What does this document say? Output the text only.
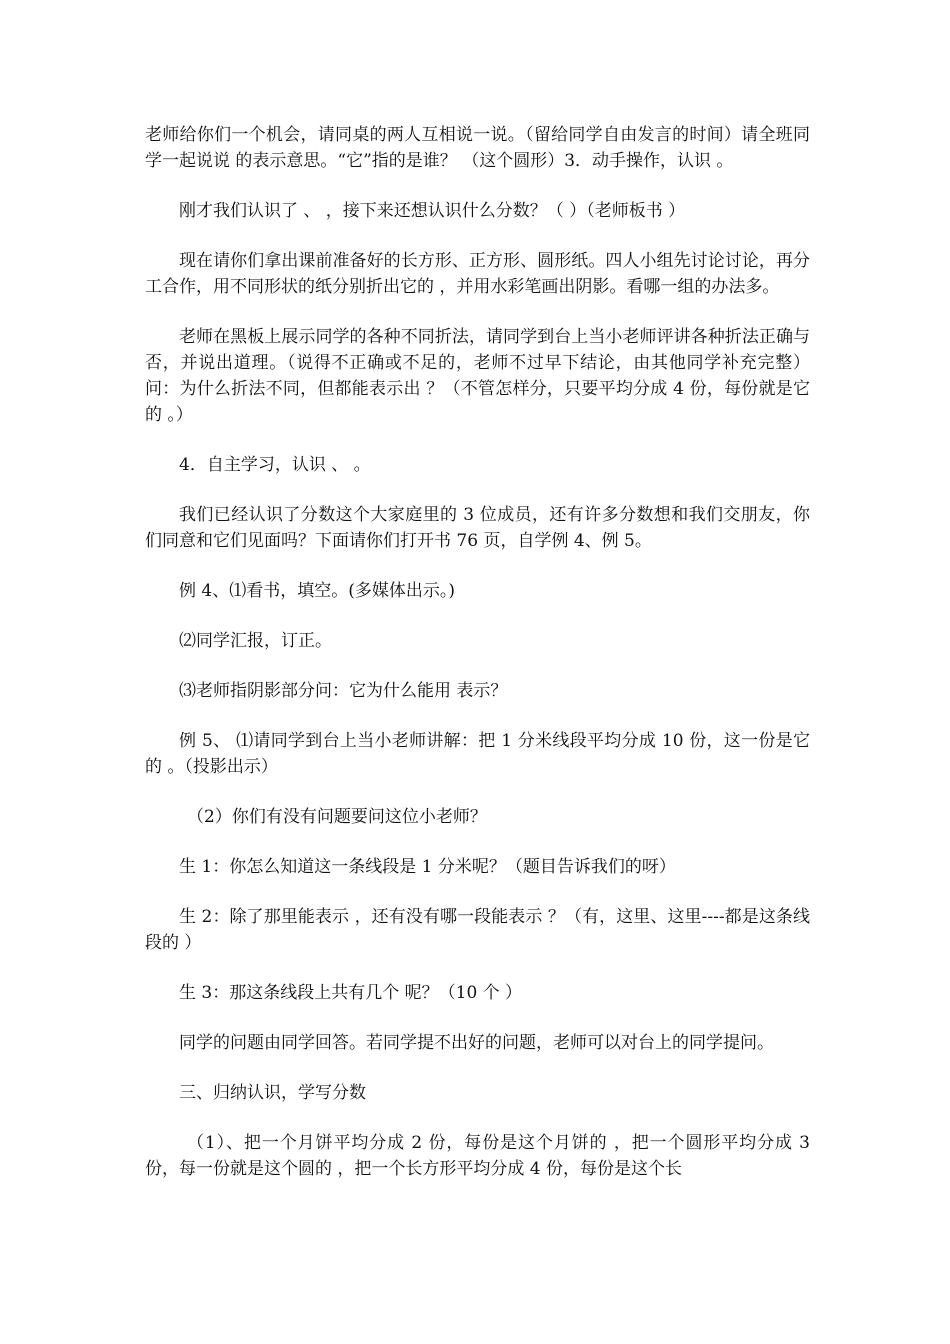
老师给你们一个机会，请同桌的两人互相说一说。（留给同学自由发言的时间）请全班同学一起说说 的表示意思。“它”指的是谁？ （这个圆形）3．动手操作，认识 。

刚才我们认识了 、 ，接下来还想认识什么分数？（ ）（老师板书 ）

现在请你们拿出课前准备好的长方形、正方形、圆形纸。四人小组先讨论讨论，再分工合作，用不同形状的纸分别折出它的 ，并用水彩笔画出阴影。看哪一组的办法多。

老师在黑板上展示同学的各种不同折法，请同学到台上当小老师评讲各种折法正确与否，并说出道理。（说得不正确或不足的，老师不过早下结论，由其他同学补充完整）问：为什么折法不同，但都能表示出 ？（不管怎样分，只要平均分成 4 份，每份就是它的 。）

4．自主学习，认识 、 。

我们已经认识了分数这个大家庭里的 3 位成员，还有许多分数想和我们交朋友，你们同意和它们见面吗？下面请你们打开书 76 页，自学例 4、例 5。

例 4、⑴看书，填空。(多媒体出示。)

⑵同学汇报，订正。

⑶老师指阴影部分问：它为什么能用 表示？

例 5、 ⑴请同学到台上当小老师讲解：把 1 分米线段平均分成 10 份，这一份是它的 。（投影出示）

（2）你们有没有问题要问这位小老师？

生 1：你怎么知道这一条线段是 1 分米呢？（题目告诉我们的呀）

生 2：除了那里能表示 ，还有没有哪一段能表示 ？（有，这里、这里----都是这条线段的 ）

生 3：那这条线段上共有几个 呢？（10 个 ）

同学的问题由同学回答。若同学提不出好的问题，老师可以对台上的同学提问。

三、归纳认识，学写分数

（1）、把一个月饼平均分成 2 份，每份是这个月饼的 ，把一个圆形平均分成 3 份，每一份就是这个圆的 ，把一个长方形平均分成 4 份，每份是这个长
